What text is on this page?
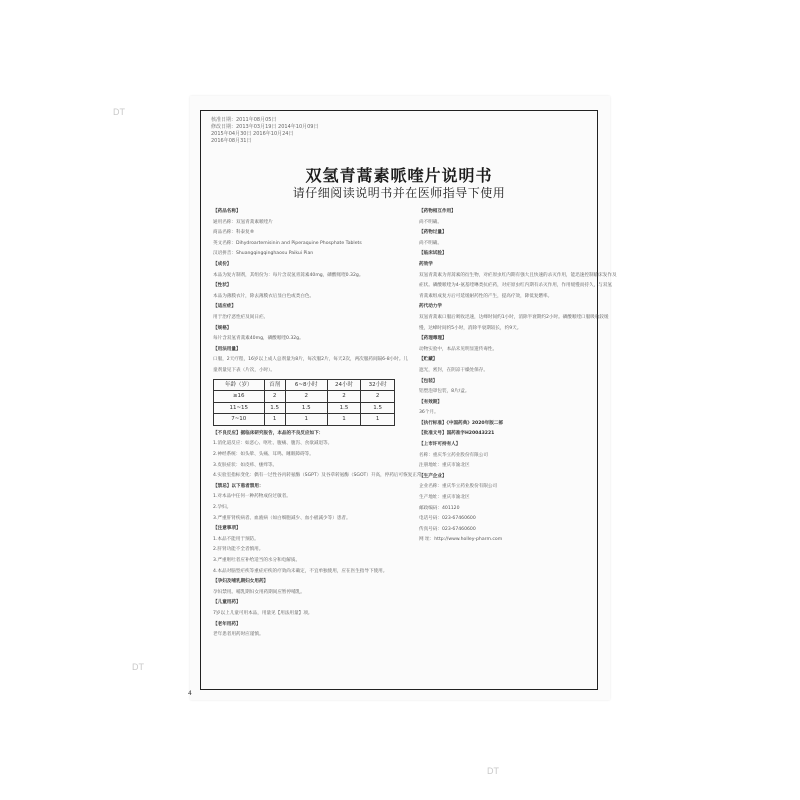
DT
DT
DT
核准日期：2011年08月05日
修改日期：2013年03月19日 2014年10月09日
2015年04月30日 2016年10月24日
2016年08月31日
双氢青蒿素哌喹片说明书
请仔细阅读说明书并在医师指导下使用
【药品名称】
通用名称：双氢青蒿素哌喹片
商品名称：科泰复®
英文名称：Dihydroartemisinin and Piperaquine Phosphate Tablets
汉语拼音：Shuangqingqinghaosu Paikui Pian
【成份】
本品为复方制剂，其组份为：每片含双氢青蒿素40mg，磷酸哌喹0.32g。
【性状】
本品为薄膜衣片，除去薄膜衣后显白色或类白色。
【适应症】
用于治疗恶性疟及间日疟。
【规格】
每片含双氢青蒿素40mg，磷酸哌喹0.32g。
【用法用量】
口服，2天疗程，16岁以上成人总剂量为8片，每次服2片，每天2次，两次服药间隔6-8小时。儿
童剂量见下表（片次，小时）。
年龄（岁）	首剂	6~8小时	24小时	32小时
≥16	2	2	2	2
11~15	1.5	1.5	1.5	1.5
7~10	1	1	1	1
【不良反应】据临床研究报告，本品的不良反应如下：
1.消化道反应：如恶心、呕吐、腹痛、腹泻、食欲减退等。
2.神经系统：如头晕、头痛、耳鸣、睡眠障碍等。
3.皮肤症状：如皮疹、瘙痒等。
4.实验室指标变化：偶有一过性谷丙转氨酶（SGPT）及谷草转氨酶（SGOT）升高，停药后可恢复正常。
【禁忌】以下患者禁用：
1.对本品中任何一种药物成份过敏者。
2.孕妇。
3.严重肝肾疾病者、血液病（如白细胞减少、血小板减少等）患者。
【注意事项】
1.本品不能用于预防。
2.肝肾功能不全者慎用。
3.严重呕吐者应补给适当的水分和电解质。
4.本品对脑型疟疾等重症疟疾的疗效尚未确定，不宜单独使用，应在医生指导下使用。
【孕妇及哺乳期妇女用药】
孕妇禁用。哺乳期妇女用药期间应暂停哺乳。
【儿童用药】
7岁以上儿童可用本品，用量见【用法用量】项。
【老年用药】
老年患者用药时应谨慎。
【药物相互作用】
尚不明确。
【药物过量】
尚不明确。
【临床试验】
药效学
双氢青蒿素为青蒿素的衍生物，对疟原虫红内期有强大且快速的杀灭作用，能迅速控制临床发作及
症状。磷酸哌喹为4-氨基喹啉类抗疟药，对疟原虫红内期有杀灭作用，作用缓慢而持久，与双氢
青蒿素组成复方后可延缓耐药性的产生，提高疗效，降低复燃率。
药代动力学
双氢青蒿素口服后吸收迅速，达峰时间约1小时，消除半衰期约2小时。磷酸哌喹口服吸收较缓
慢，达峰时间约5小时，消除半衰期较长，约9天。
【药理毒理】
动物实验中，本品未见明显遗传毒性。
【贮藏】
遮光，密封，在阴凉干燥处保存。
【包装】
铝塑泡罩包装，8片/盒。
【有效期】
36个月。
【执行标准】《中国药典》2020年版二部
【批准文号】国药准字H20043221
【上市许可持有人】
名称：重庆华立药业股份有限公司
注册地址：重庆市渝北区
【生产企业】
企业名称：重庆华立药业股份有限公司
生产地址：重庆市渝北区
邮政编码：401120
电话号码：023-67460600
传真号码：023-67460600
网 址：http://www.holley-pharm.com
4
